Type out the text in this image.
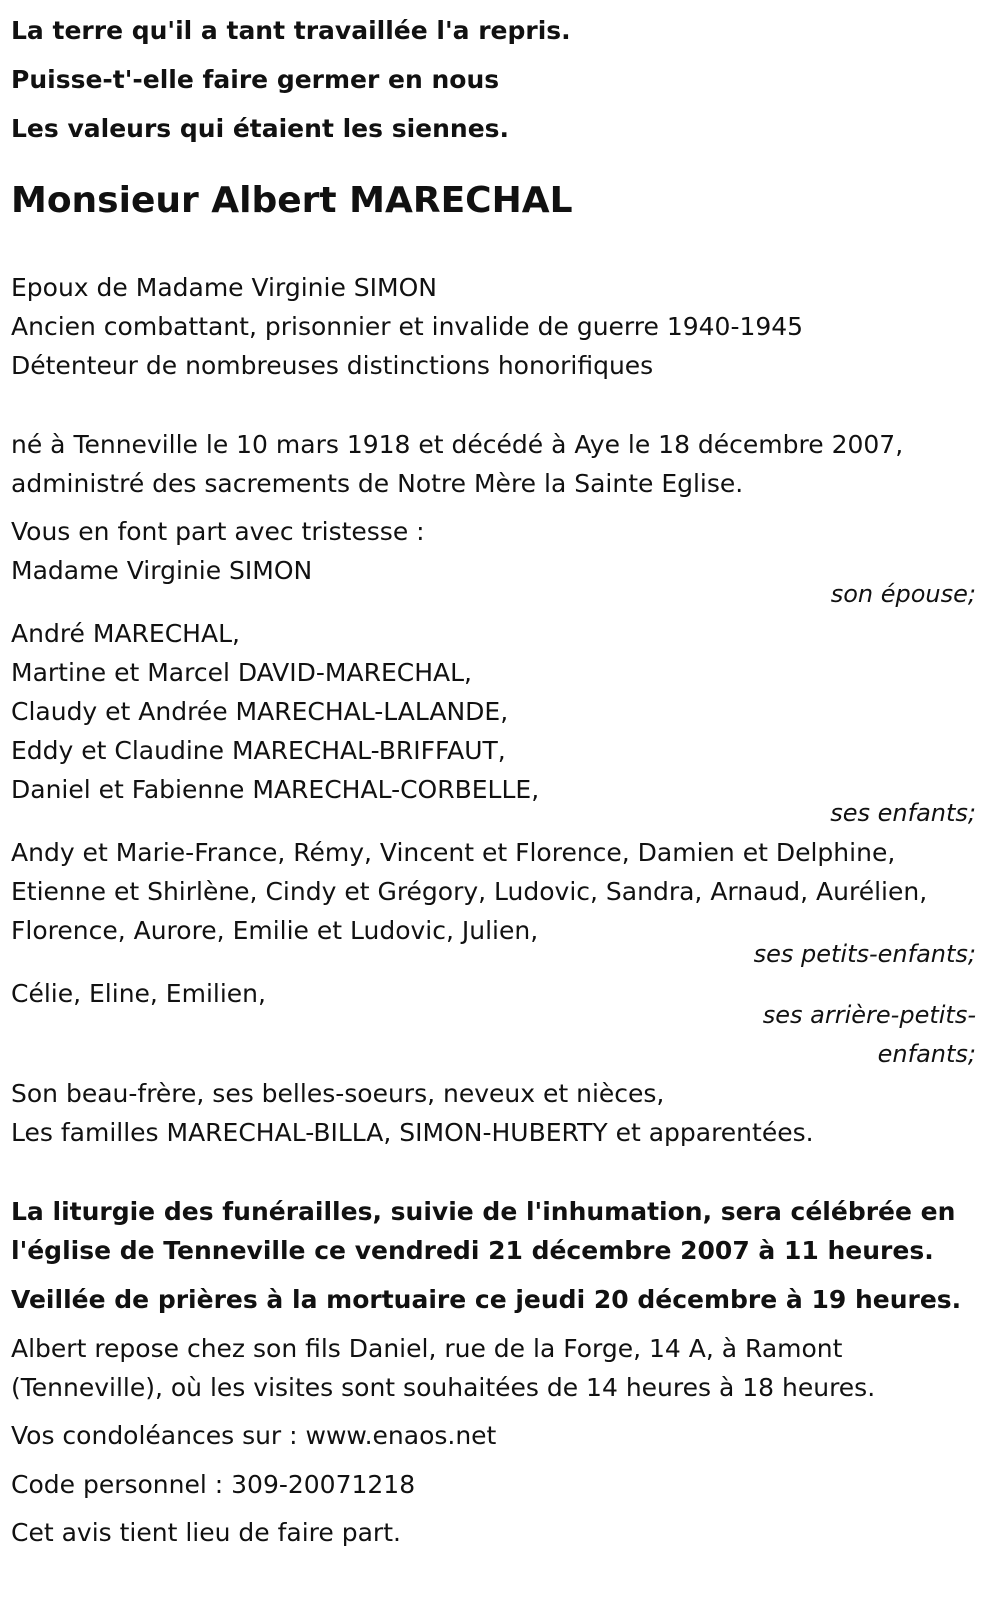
La terre qu'il a tant travaillée l'a repris.
Puisse-t'-elle faire germer en nous
Les valeurs qui étaient les siennes.
Monsieur Albert MARECHAL
Epoux de Madame Virginie SIMON
Ancien combattant, prisonnier et invalide de guerre 1940-1945
Détenteur de nombreuses distinctions honorifiques
né à Tenneville le 10 mars 1918 et décédé à Aye le 18 décembre 2007,
administré des sacrements de Notre Mère la Sainte Eglise.
Vous en font part avec tristesse :
Madame Virginie SIMON
son épouse;
André MARECHAL,
Martine et Marcel DAVID-MARECHAL,
Claudy et Andrée MARECHAL-LALANDE,
Eddy et Claudine MARECHAL-BRIFFAUT,
Daniel et Fabienne MARECHAL-CORBELLE,
ses enfants;
Andy et Marie-France, Rémy, Vincent et Florence, Damien et Delphine,
Etienne et Shirlène, Cindy et Grégory, Ludovic, Sandra, Arnaud, Aurélien,
Florence, Aurore, Emilie et Ludovic, Julien,
ses petits-enfants;
Célie, Eline, Emilien,
ses arrière-petits-
enfants;
Son beau-frère, ses belles-soeurs, neveux et nièces,
Les familles MARECHAL-BILLA, SIMON-HUBERTY et apparentées.
La liturgie des funérailles, suivie de l'inhumation, sera célébrée en
l'église de Tenneville ce vendredi 21 décembre 2007 à 11 heures.
Veillée de prières à la mortuaire ce jeudi 20 décembre à 19 heures.
Albert repose chez son fils Daniel, rue de la Forge, 14 A, à Ramont
(Tenneville), où les visites sont souhaitées de 14 heures à 18 heures.
Vos condoléances sur : www.enaos.net
Code personnel : 309-20071218
Cet avis tient lieu de faire part.
